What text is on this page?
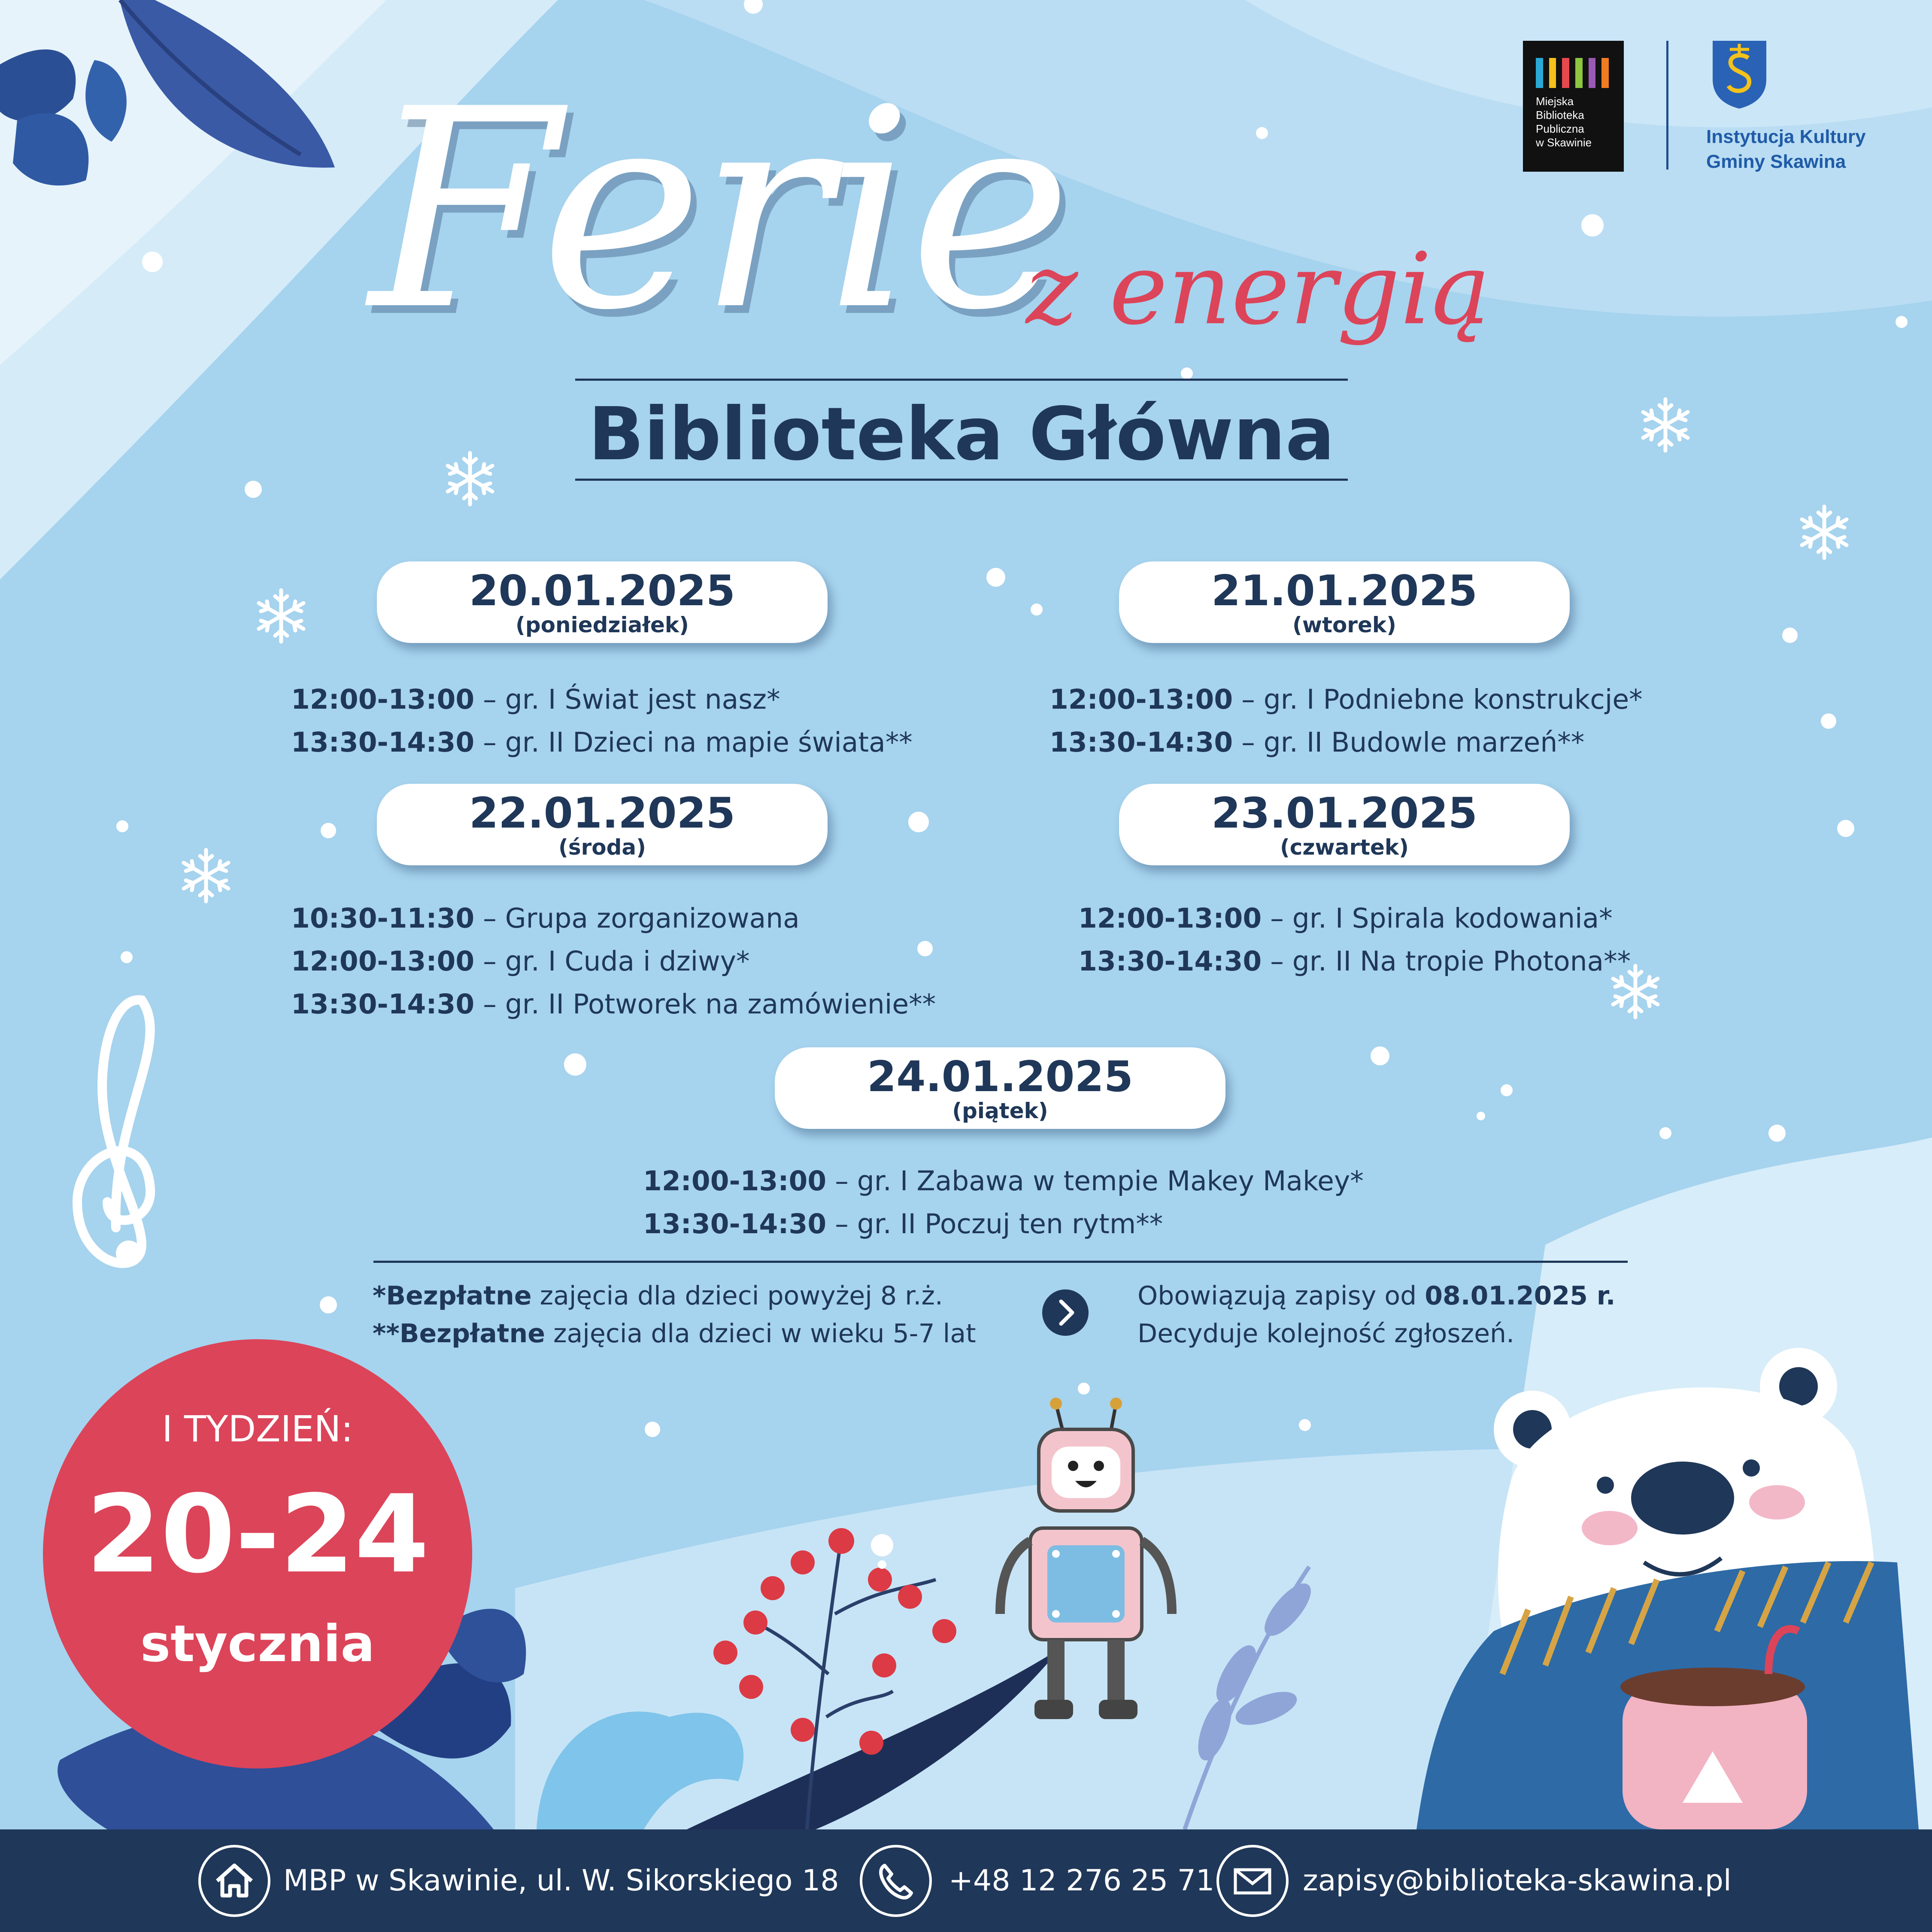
Miejska
Biblioteka
Publiczna
w Skawinie	Instytucja Kultury
Gminy Skawina
Ferie
z energią
Biblioteka Główna
20.01.2025
(poniedziałek)
12:00-13:00 – gr. I Świat jest nasz*
13:30-14:30 – gr. II Dzieci na mapie świata**
21.01.2025
(wtorek)
12:00-13:00 – gr. I Podniebne konstrukcje*
13:30-14:30 – gr. II Budowle marzeń**
22.01.2025
(środa)
10:30-11:30 – Grupa zorganizowana
12:00-13:00 – gr. I Cuda i dziwy*
13:30-14:30 – gr. II Potworek na zamówienie**
23.01.2025
(czwartek)
12:00-13:00 – gr. I Spirala kodowania*
13:30-14:30 – gr. II Na tropie Photona**
24.01.2025
(piątek)
12:00-13:00 – gr. I Zabawa w tempie Makey Makey*
13:30-14:30 – gr. II Poczuj ten rytm**
*Bezpłatne zajęcia dla dzieci powyżej 8 r.ż.
**Bezpłatne zajęcia dla dzieci w wieku 5-7 lat
Obowiązują zapisy od 08.01.2025 r.
Decyduje kolejność zgłoszeń.
I TYDZIEŃ:
20-24
stycznia
MBP w Skawinie, ul. W. Sikorskiego 18	+48 12 276 25 71	zapisy@biblioteka-skawina.pl
